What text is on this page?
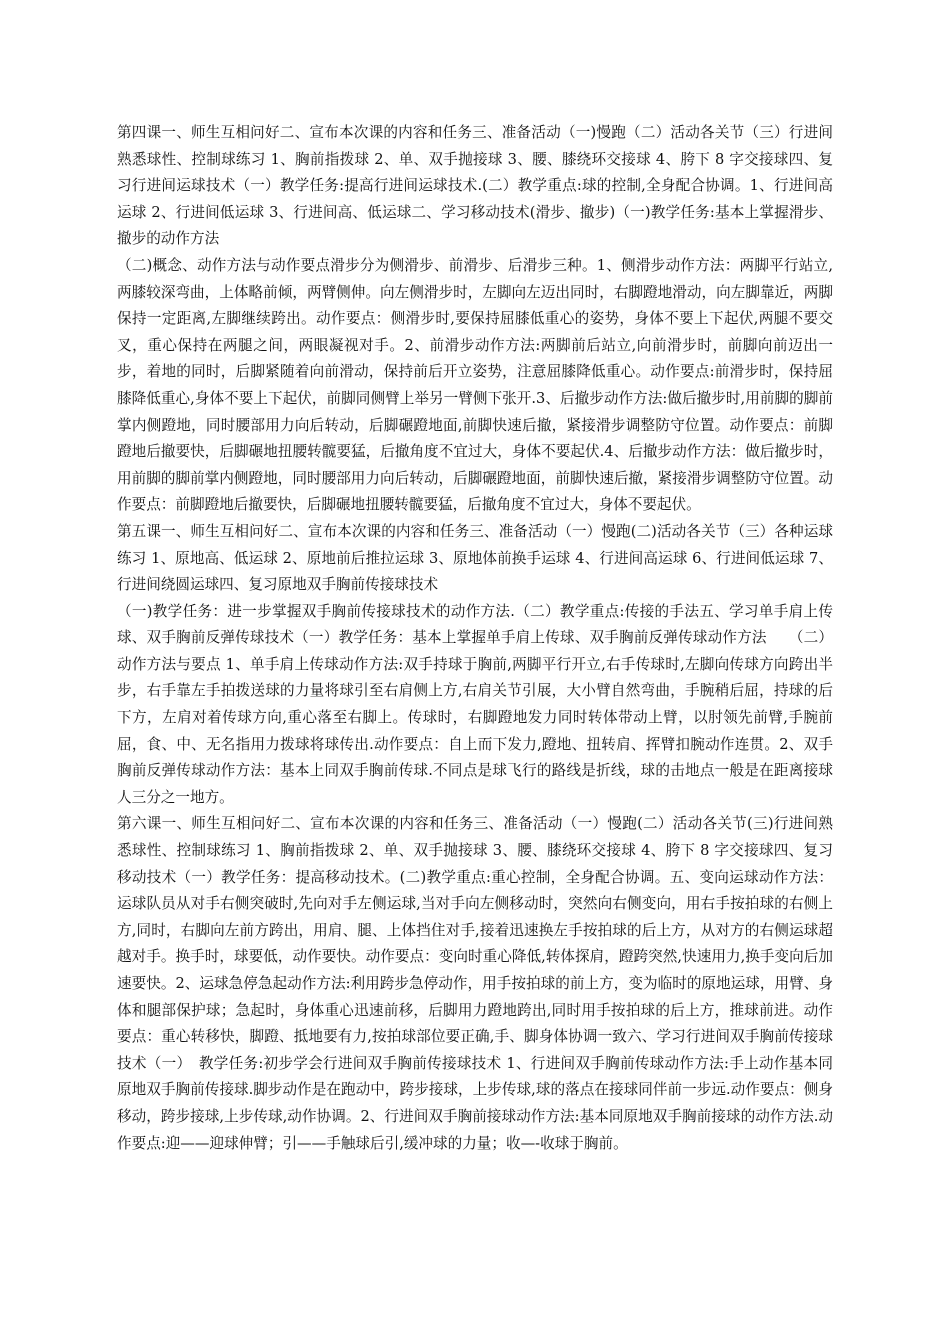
第四课一、师生互相问好二、宣布本次课的内容和任务三、准备活动（一)慢跑（二）活动各关节（三）行进间熟悉球性、控制球练习 1、胸前指拨球 2、单、双手抛接球 3、腰、膝绕环交接球 4、胯下 8 字交接球四、复习行进间运球技术（一）教学任务:提高行进间运球技术.(二）教学重点:球的控制,全身配合协调。1、行进间高运球 2、行进间低运球 3、行进间高、低运球二、学习移动技术(滑步、撤步)（一)教学任务:基本上掌握滑步、撤步的动作方法

（二)概念、动作方法与动作要点滑步分为侧滑步、前滑步、后滑步三种。1、侧滑步动作方法：两脚平行站立,两膝较深弯曲，上体略前倾，两臂侧伸。向左侧滑步时，左脚向左迈出同时，右脚蹬地滑动，向左脚靠近，两脚保持一定距离,左脚继续跨出。动作要点：侧滑步时,要保持屈膝低重心的姿势，身体不要上下起伏,两腿不要交叉，重心保持在两腿之间，两眼凝视对手。2、前滑步动作方法:两脚前后站立,向前滑步时，前脚向前迈出一步，着地的同时，后脚紧随着向前滑动，保持前后开立姿势，注意屈膝降低重心。动作要点:前滑步时，保持屈膝降低重心,身体不要上下起伏，前脚同侧臂上举另一臂侧下张开.3、后撤步动作方法:做后撤步时,用前脚的脚前掌内侧蹬地，同时腰部用力向后转动，后脚碾蹬地面,前脚快速后撤，紧接滑步调整防守位置。动作要点：前脚蹬地后撤要快，后脚碾地扭腰转髋要猛，后撤角度不宜过大，身体不要起伏.4、后撤步动作方法：做后撤步时，用前脚的脚前掌内侧蹬地，同时腰部用力向后转动，后脚碾蹬地面，前脚快速后撤，紧接滑步调整防守位置。动作要点：前脚蹬地后撤要快，后脚碾地扭腰转髋要猛，后撤角度不宜过大，身体不要起伏。

第五课一、师生互相问好二、宣布本次课的内容和任务三、准备活动（一）慢跑(二)活动各关节（三）各种运球练习 1、原地高、低运球 2、原地前后推拉运球 3、原地体前换手运球 4、行进间高运球 6、行进间低运球 7、行进间绕圆运球四、复习原地双手胸前传接球技术

（一)教学任务：进一步掌握双手胸前传接球技术的动作方法.（二）教学重点:传接的手法五、学习单手肩上传球、双手胸前反弹传球技术（一）教学任务：基本上掌握单手肩上传球、双手胸前反弹传球动作方法　　（二）动作方法与要点 1、单手肩上传球动作方法:双手持球于胸前,两脚平行开立,右手传球时,左脚向传球方向跨出半步，右手靠左手拍拨送球的力量将球引至右肩侧上方,右肩关节引展，大小臂自然弯曲，手腕稍后屈，持球的后下方，左肩对着传球方向,重心落至右脚上。传球时，右脚蹬地发力同时转体带动上臂，以肘领先前臂,手腕前屈，食、中、无名指用力拨球将球传出.动作要点：自上而下发力,蹬地、扭转肩、挥臂扣腕动作连贯。2、双手胸前反弹传球动作方法：基本上同双手胸前传球.不同点是球飞行的路线是折线，球的击地点一般是在距离接球人三分之一地方。

第六课一、师生互相问好二、宣布本次课的内容和任务三、准备活动（一）慢跑(二）活动各关节(三)行进间熟悉球性、控制球练习 1、胸前指拨球 2、单、双手抛接球 3、腰、膝绕环交接球 4、胯下 8 字交接球四、复习移动技术（一）教学任务：提高移动技术。(二)教学重点:重心控制，全身配合协调。五、变向运球动作方法：运球队员从对手右侧突破时,先向对手左侧运球,当对手向左侧移动时，突然向右侧变向，用右手按拍球的右侧上方,同时，右脚向左前方跨出，用肩、腿、上体挡住对手,接着迅速换左手按拍球的后上方，从对方的右侧运球超越对手。换手时，球要低，动作要快。动作要点：变向时重心降低,转体探肩，蹬跨突然,快速用力,换手变向后加速要快。2、运球急停急起动作方法:利用跨步急停动作，用手按拍球的前上方，变为临时的原地运球，用臂、身体和腿部保护球；急起时，身体重心迅速前移，后脚用力蹬地跨出,同时用手按拍球的后上方，推球前进。动作要点：重心转移快，脚蹬、抵地要有力,按拍球部位要正确,手、脚身体协调一致六、学习行进间双手胸前传接球技术（一）　教学任务:初步学会行进间双手胸前传接球技术 1、行进间双手胸前传球动作方法:手上动作基本同原地双手胸前传接球.脚步动作是在跑动中，跨步接球，上步传球,球的落点在接球同伴前一步远.动作要点：侧身移动，跨步接球,上步传球,动作协调。2、行进间双手胸前接球动作方法:基本同原地双手胸前接球的动作方法.动作要点:迎——迎球伸臂；引——手触球后引,缓冲球的力量；收—-收球于胸前。
